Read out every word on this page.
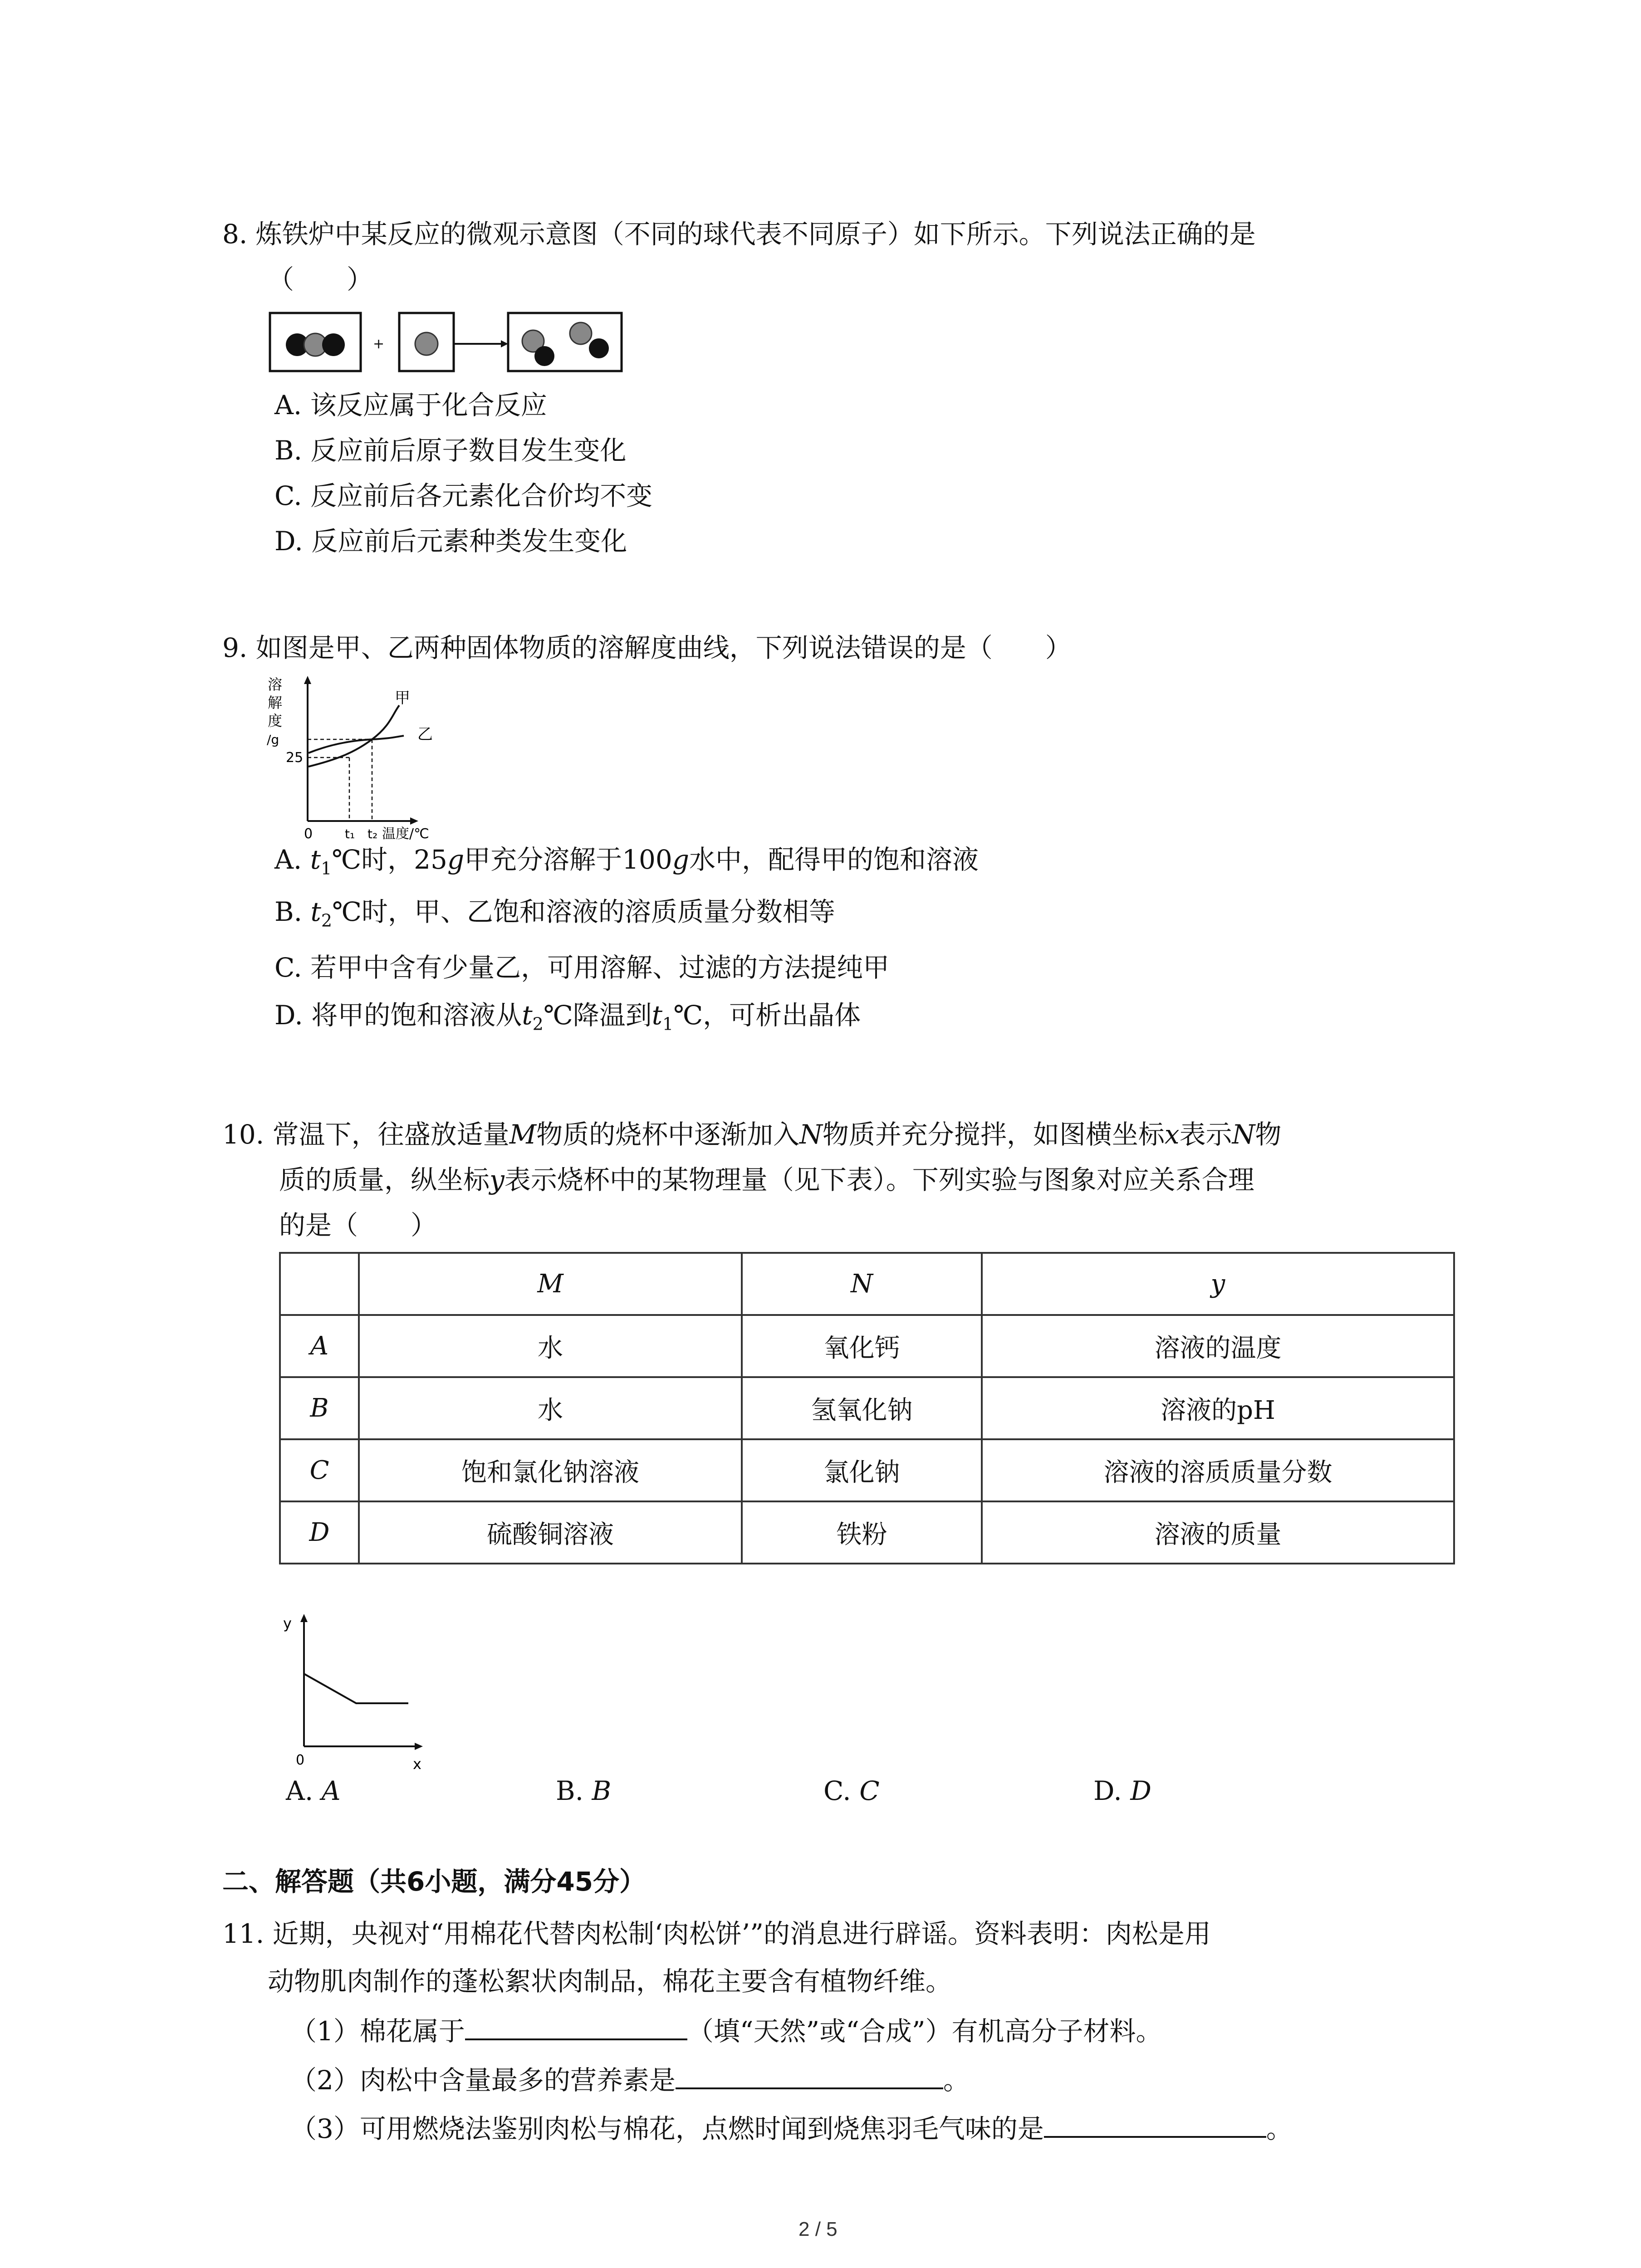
8. 炼铁炉中某反应的微观示意图（不同的球代表不同原子）如下所示。下列说法正确的是
（　　）
+
A. 该反应属于化合反应
B. 反应前后原子数目发生变化
C. 反应前后各元素化合价均不变
D. 反应前后元素种类发生变化
9. 如图是甲、乙两种固体物质的溶解度曲线，下列说法错误的是（　　）
溶
解
度
/g
25
0	t₁ t₂ 温度/℃
甲
乙
A. $t_1℃$时，25g甲充分溶解于100g水中，配得甲的饱和溶液
B. $t_2℃$时，甲、乙饱和溶液的溶质质量分数相等
C. 若甲中含有少量乙，可用溶解、过滤的方法提纯甲
D. 将甲的饱和溶液从$t_2℃$降温到$t_1℃$，可析出晶体
10. 常温下，往盛放适量M物质的烧杯中逐渐加入N物质并充分搅拌，如图横坐标x表示N物
质的质量，纵坐标y表示烧杯中的某物理量（见下表）。下列实验与图象对应关系合理
的是（　　）
	M	N	y
A	水	氧化钙	溶液的温度
B	水	氢氧化钠	溶液的pH
C	饱和氯化钠溶液	氯化钠	溶液的溶质质量分数
D	硫酸铜溶液	铁粉	溶液的质量
y
0	x
A. A	B. B	C. C	D. D
二、解答题（共6小题，满分45分）
11. 近期，央视对“用棉花代替肉松制‘肉松饼’”的消息进行辟谣。资料表明：肉松是用
动物肌肉制作的蓬松絮状肉制品，棉花主要含有植物纤维。
（1）棉花属于	（填“天然”或“合成”）有机高分子材料。
（2）肉松中含量最多的营养素是	。
（3）可用燃烧法鉴别肉松与棉花，点燃时闻到烧焦羽毛气味的是	。
2 / 5
